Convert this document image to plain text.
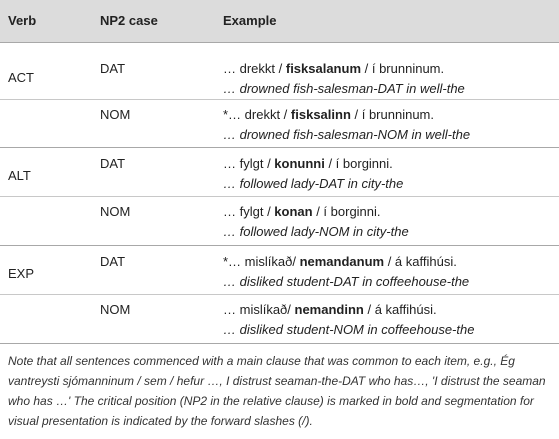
Verb	NP2 case	Example
ACT
DAT	… drekkt / fisksalanum / í brunninum.
… drowned fish-salesman-DAT in well-the
NOM	*… drekkt / fisksalinn / í brunninum.
… drowned fish-salesman-NOM in well-the
ALT
DAT	… fylgt / konunni / í borginni.
… followed lady-DAT in city-the
NOM	… fylgt / konan / í borginni.
… followed lady-NOM in city-the
EXP
DAT	*… mislíkað/ nemandanum / á kaffihúsi.
… disliked student-DAT in coffeehouse-the
NOM	… mislíkað/ nemandinn / á kaffihúsi.
… disliked student-NOM in coffeehouse-the
Note that all sentences commenced with a main clause that was common to each item, e.g., Ég vantreysti sjómanninum / sem / hefur …, I distrust seaman-the-DAT who has…, 'I distrust the seaman who has …' The critical position (NP2 in the relative clause) is marked in bold and segmentation for visual presentation is indicated by the forward slashes (/).
